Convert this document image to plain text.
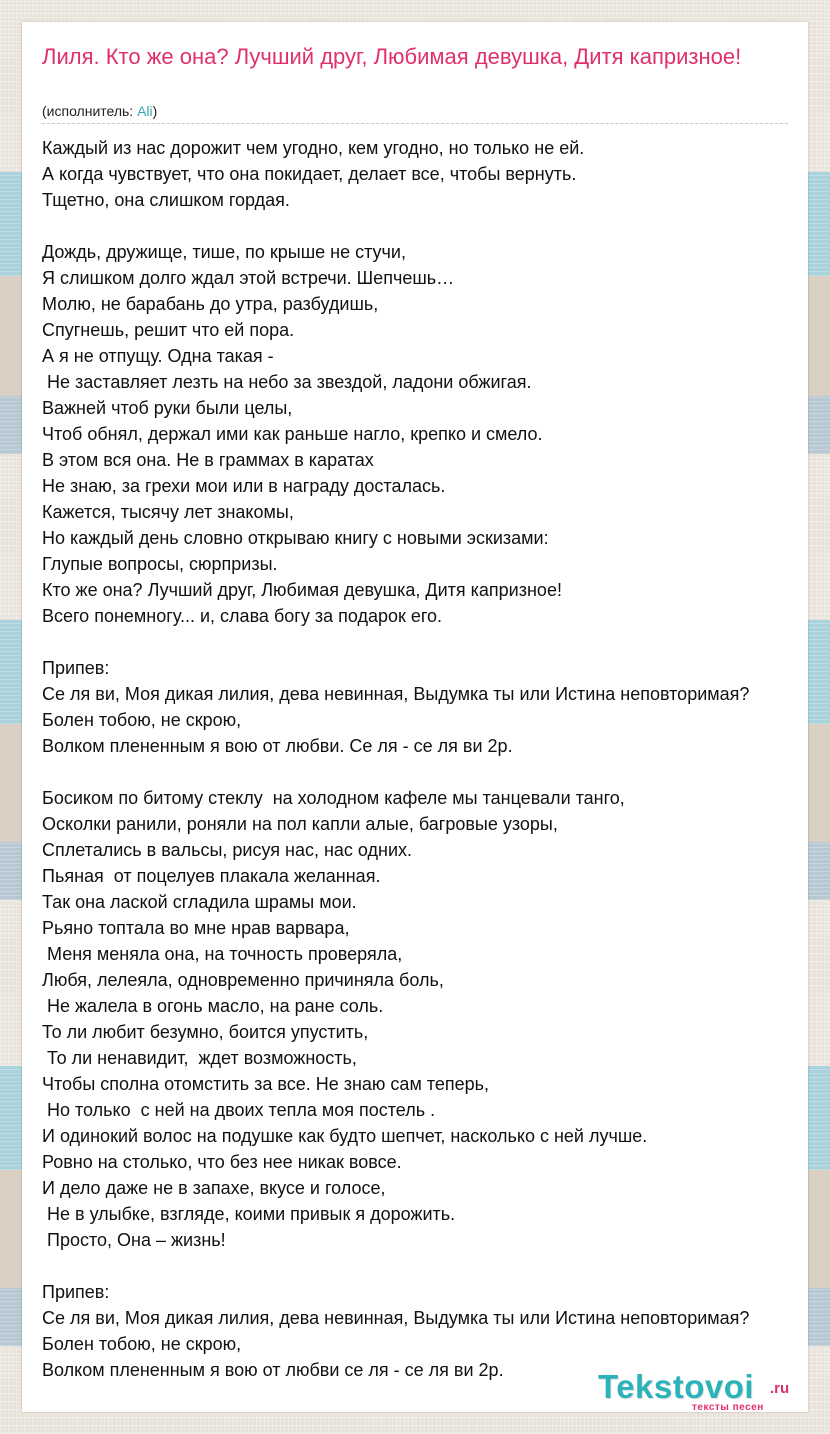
Лиля. Кто же она? Лучший друг, Любимая девушка, Дитя капризное!
(исполнитель: Ali)
Каждый из нас дорожит чем угодно, кем угодно, но только не ей.
А когда чувствует, что она покидает, делает все, чтобы вернуть.
Тщетно, она слишком гордая.
Дождь, дружище, тише, по крыше не стучи,
Я слишком долго ждал этой встречи. Шепчешь…
Молю, не барабань до утра, разбудишь,
Спугнешь, решит что ей пора.
А я не отпущу. Одна такая -
Не заставляет лезть на небо за звездой, ладони обжигая.
Важней чтоб руки были целы,
Чтоб обнял, держал ими как раньше нагло, крепко и смело.
В этом вся она. Не в граммах в каратах
Не знаю, за грехи мои или в награду досталась.
Кажется, тысячу лет знакомы,
Но каждый день словно открываю книгу с новыми эскизами:
Глупые вопросы, сюрпризы.
Кто же она? Лучший друг, Любимая девушка, Дитя капризное!
Всего понемногу... и, слава богу за подарок его.
Припев:
Се ля ви, Моя дикая лилия, дева невинная, Выдумка ты или Истина неповторимая?
Болен тобою, не скрою,
Волком плененным я вою от любви. Се ля - се ля ви 2р.
Босиком по битому стеклу  на холодном кафеле мы танцевали танго,
Осколки ранили, роняли на пол капли алые, багровые узоры,
Сплетались в вальсы, рисуя нас, нас одних.
Пьяная  от поцелуев плакала желанная.
Так она лаской сгладила шрамы мои.
Рьяно топтала во мне нрав варвара,
Меня меняла она, на точность проверяла,
Любя, лелеяла, одновременно причиняла боль,
Не жалела в огонь масло, на ране соль.
То ли любит безумно, боится упустить,
То ли ненавидит,  ждет возможность,
Чтобы сполна отомстить за все. Не знаю сам теперь,
Но только  с ней на двоих тепла моя постель .
И одинокий волос на подушке как будто шепчет, насколько с ней лучше.
Ровно на столько, что без нее никак вовсе.
И дело даже не в запахе, вкусе и голосе,
Не в улыбке, взгляде, коими привык я дорожить.
Просто, Она – жизнь!
Припев:
Се ля ви, Моя дикая лилия, дева невинная, Выдумка ты или Истина неповторимая?
Болен тобою, не скрою,
Волком плененным я вою от любви се ля - се ля ви 2р.	Tekstovoi .ru
тексты песен
